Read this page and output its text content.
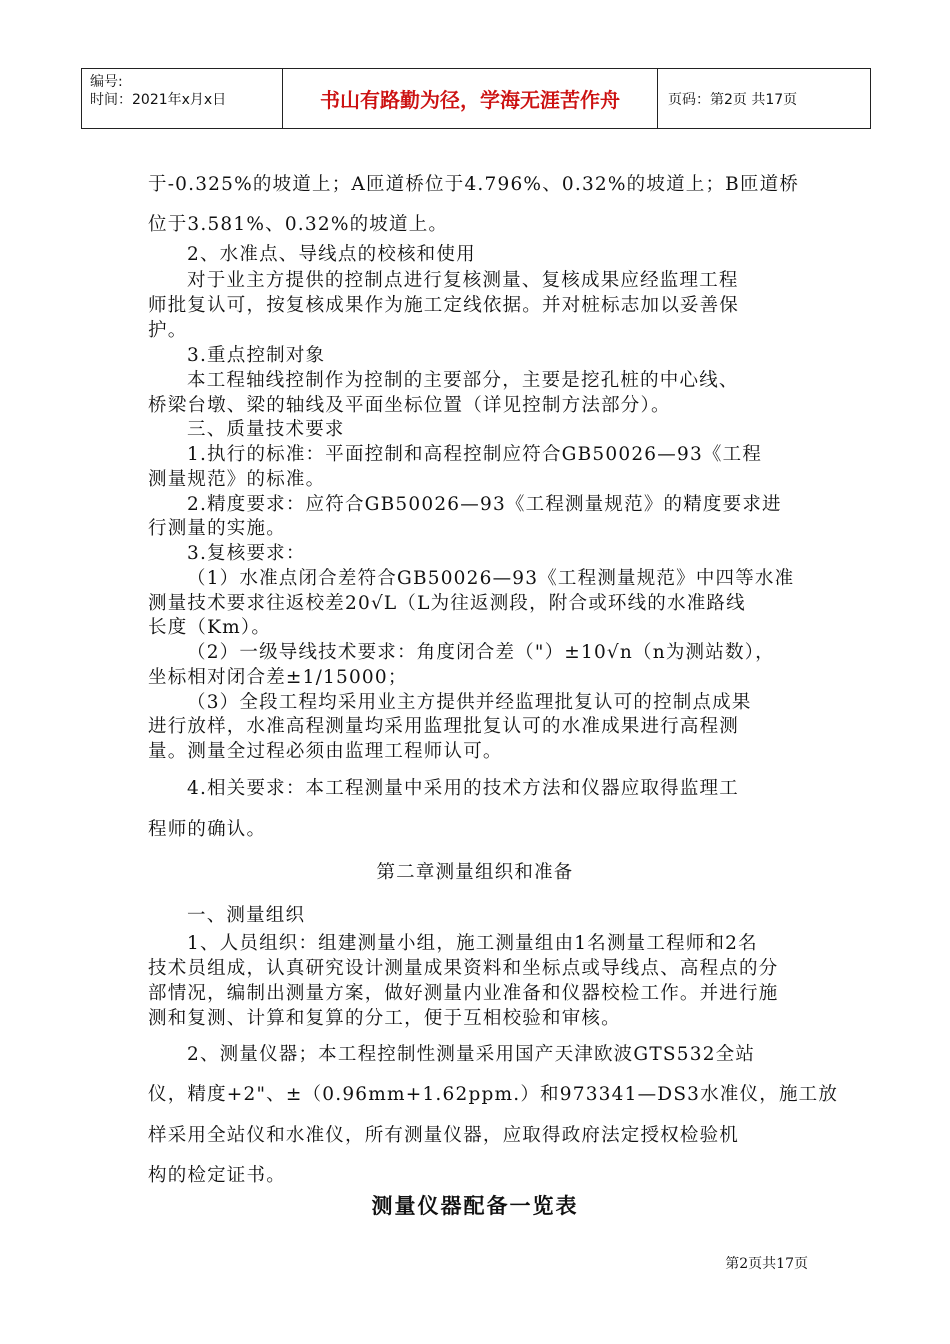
编号:
时间：2021年x月x日	书山有路勤为径，学海无涯苦作舟	页码：第2页 共17页
于-0.325%的坡道上；A匝道桥位于4.796%、0.32%的坡道上；B匝道桥
位于3.581%、0.32%的坡道上。
2、水准点、导线点的校核和使用
对于业主方提供的控制点进行复核测量、复核成果应经监理工程
师批复认可，按复核成果作为施工定线依据。并对桩标志加以妥善保
护。
3.重点控制对象
本工程轴线控制作为控制的主要部分，主要是挖孔桩的中心线、
桥梁台墩、梁的轴线及平面坐标位置（详见控制方法部分）。
三、质量技术要求
1.执行的标准：平面控制和高程控制应符合GB50026—93《工程
测量规范》的标准。
2.精度要求：应符合GB50026—93《工程测量规范》的精度要求进
行测量的实施。
3.复核要求：
（1）水准点闭合差符合GB50026—93《工程测量规范》中四等水准
测量技术要求往返校差20√L（L为往返测段，附合或环线的水准路线
长度（Km）。
（2）一级导线技术要求：角度闭合差（"）±10√n（n为测站数），
坐标相对闭合差±1/15000；
（3）全段工程均采用业主方提供并经监理批复认可的控制点成果
进行放样，水准高程测量均采用监理批复认可的水准成果进行高程测
量。测量全过程必须由监理工程师认可。
4.相关要求：本工程测量中采用的技术方法和仪器应取得监理工
程师的确认。
第二章测量组织和准备
一、测量组织
1、人员组织：组建测量小组，施工测量组由1名测量工程师和2名
技术员组成，认真研究设计测量成果资料和坐标点或导线点、高程点的分
部情况，编制出测量方案，做好测量内业准备和仪器校检工作。并进行施
测和复测、计算和复算的分工，便于互相校验和审核。
2、测量仪器；本工程控制性测量采用国产天津欧波GTS532全站
仪，精度+2"、±（0.96mm+1.62ppm.）和973341—DS3水准仪，施工放
样采用全站仪和水准仪，所有测量仪器，应取得政府法定授权检验机
构的检定证书。
测量仪器配备一览表
第2页共17页
